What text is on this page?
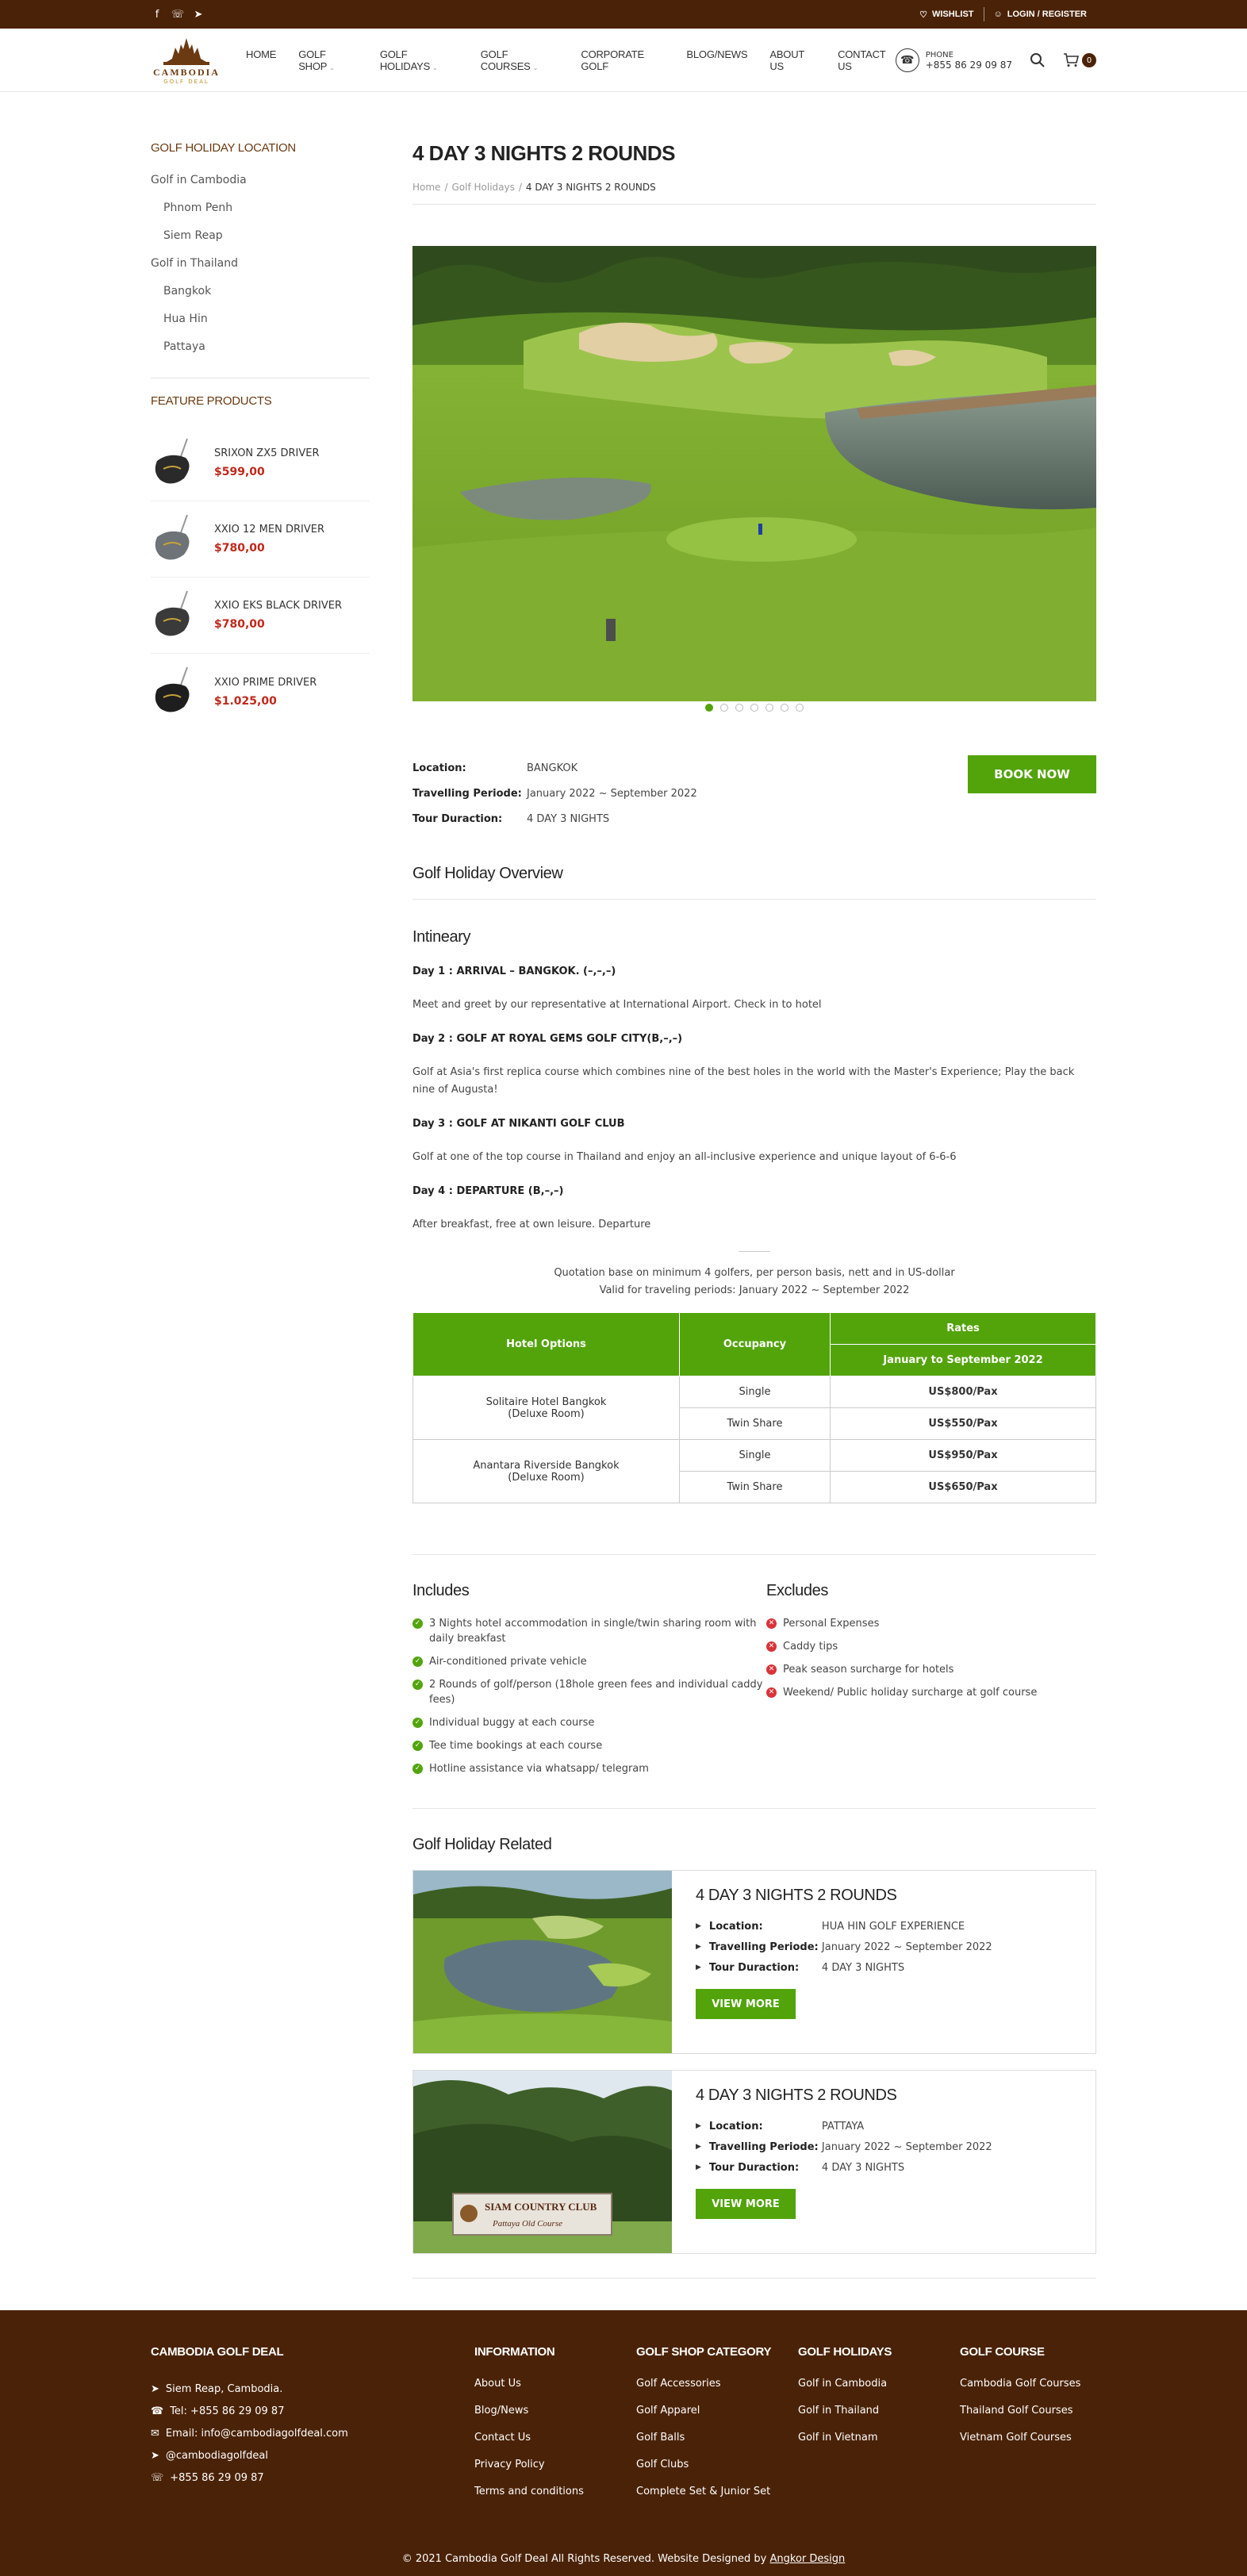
f	☏ ➤	♡ WISHLIST ☺ LOGIN / REGISTER
CAMBODIA
GOLF DEAL
HOME GOLF SHOP ⌄
GOLF HOLIDAYS ⌄
GOLF COURSES ⌄
CORPORATE GOLF
BLOG/NEWS ABOUT US
CONTACT US	☎	PHONE
+855 86 29 09 87	0
GOLF HOLIDAY LOCATION
Golf in Cambodia
Phnom Penh
Siem Reap
Golf in Thailand
Bangkok
Hua Hin
Pattaya
FEATURE PRODUCTS
SRIXON ZX5 DRIVER
$599,00
XXIO 12 MEN DRIVER
$780,00
XXIO EKS BLACK DRIVER
$780,00
XXIO PRIME DRIVER
$1.025,00
4 DAY 3 NIGHTS 2 ROUNDS
Home / Golf Holidays / 4 DAY 3 NIGHTS 2 ROUNDS
Location:	BANGKOK
Travelling Periode: January 2022 ~ September 2022
Tour Duraction:	4 DAY 3 NIGHTS
BOOK NOW
Golf Holiday Overview
Intineary
Day 1 : ARRIVAL – BANGKOK. (–,–,–)
Meet and greet by our representative at International Airport. Check in to hotel
Day 2 : GOLF AT ROYAL GEMS GOLF CITY(B,–,–)
Golf at Asia's first replica course which combines nine of the best holes in the world with the Master's Experience; Play the back nine of Augusta!
Day 3 : GOLF AT NIKANTI GOLF CLUB
Golf at one of the top course in Thailand and enjoy an all-inclusive experience and unique layout of 6-6-6
Day 4 : DEPARTURE (B,–,–)
After breakfast, free at own leisure. Departure
Quotation base on minimum 4 golfers, per person basis, nett and in US-dollar
Valid for traveling periods: January 2022 ~ September 2022
Hotel Options	Occupancy	Rates
		January to September 2022

Solitaire Hotel Bangkok
(Deluxe Room)	Single	US$800/Pax
	Twin Share	US$550/Pax

Anantara Riverside Bangkok
(Deluxe Room)	Single	US$950/Pax
	Twin Share	US$650/Pax
Includes
✓ 3 Nights hotel accommodation in single/twin sharing room with daily breakfast
✓ Air-conditioned private vehicle
✓ 2 Rounds of golf/person (18hole green fees and individual caddy fees)
✓ Individual buggy at each course
✓ Tee time bookings at each course
✓ Hotline assistance via whatsapp/ telegram
Excludes
✕ Personal Expenses
✕ Caddy tips
✕ Peak season surcharge for hotels
✕ Weekend/ Public holiday surcharge at golf course
Golf Holiday Related
4 DAY 3 NIGHTS 2 ROUNDS
▶ Location:	HUA HIN GOLF EXPERIENCE
▶ Travelling Periode: January 2022 ~ September 2022
▶ Tour Duraction:	4 DAY 3 NIGHTS
VIEW MORE
SIAM COUNTRY CLUB
Pattaya Old Course
4 DAY 3 NIGHTS 2 ROUNDS
▶ Location:	PATTAYA
▶ Travelling Periode: January 2022 ~ September 2022
▶ Tour Duraction:	4 DAY 3 NIGHTS
VIEW MORE
CAMBODIA GOLF DEAL
➤ Siem Reap, Cambodia.
☎ Tel: +855 86 29 09 87
✉ Email: info@cambodiagolfdeal.com
➤ @cambodiagolfdeal
☏ +855 86 29 09 87
INFORMATION
About Us
Blog/News
Contact Us
Privacy Policy
Terms and conditions
GOLF SHOP CATEGORY
Golf Accessories
Golf Apparel
Golf Balls
Golf Clubs
Complete Set & Junior Set
GOLF HOLIDAYS
Golf in Cambodia
Golf in Thailand
Golf in Vietnam
GOLF COURSE
Cambodia Golf Courses
Thailand Golf Courses
Vietnam Golf Courses
© 2021 Cambodia Golf Deal All Rights Reserved. Website Designed by Angkor Design
